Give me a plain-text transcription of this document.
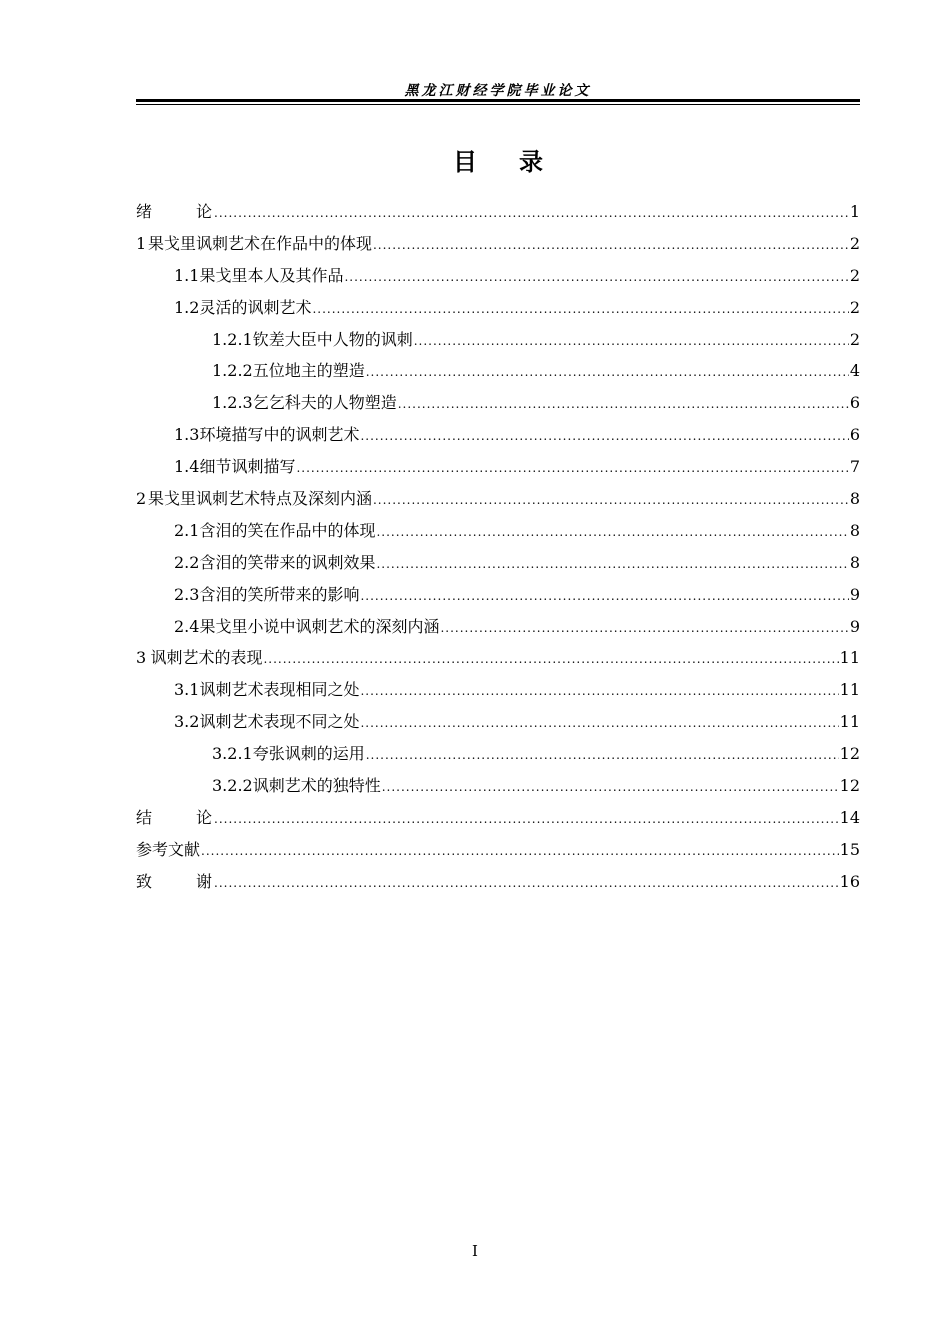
黑龙江财经学院毕业论文
目录
绪论 .....	1
1 果戈里讽刺艺术在作品中的体现 .....	2
1.1 果戈里本人及其作品 .....	2
1.2 灵活的讽刺艺术 .....	2
1.2.1 钦差大臣中人物的讽刺 .....	2
1.2.2 五位地主的塑造 .....	4
1.2.3 乞乞科夫的人物塑造 .....	6
1.3 环境描写中的讽刺艺术 .....	6
1.4 细节讽刺描写 .....	7
2 果戈里讽刺艺术特点及深刻内涵 .....	8
2.1 含泪的笑在作品中的体现 .....	8
2.2 含泪的笑带来的讽刺效果 .....	8
2.3 含泪的笑所带来的影响 .....	9
2.4 果戈里小说中讽刺艺术的深刻内涵 .....	9
3 讽刺艺术的表现 .....	11
3.1 讽刺艺术表现相同之处 .....	11
3.2 讽刺艺术表现不同之处 .....	11
3.2.1 夸张讽刺的运用 .....	12
3.2.2 讽刺艺术的独特性 .....	12
结论 .....	14
参考文献 .....	15
致谢 .....	16
I
